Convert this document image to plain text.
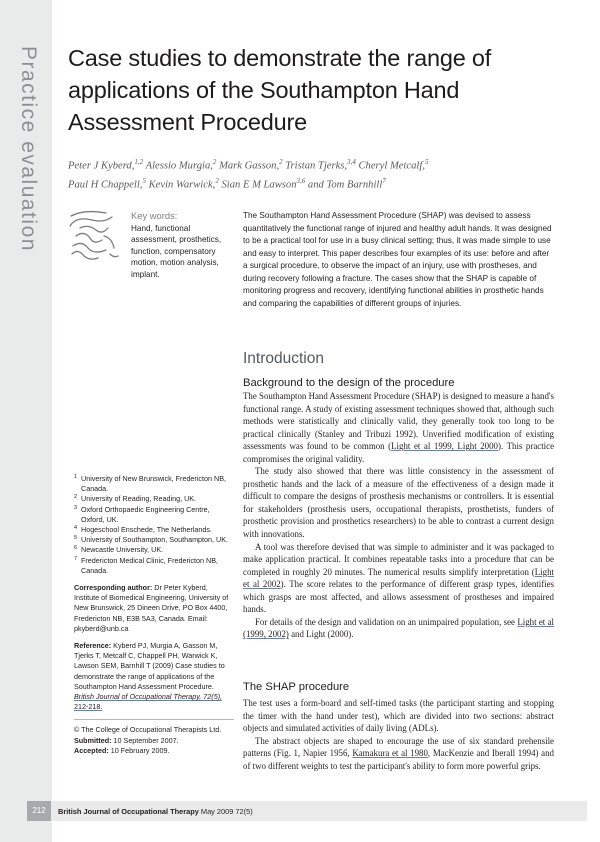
Practice evaluation Case studies to demonstrate the range of applications of the Southampton Hand Assessment Procedure

Peter J Kyberd,$^{1,2}$ Alessio Murgia,$^2$ Mark Gasson,$^2$ Tristan Tjerks,$^{3,4}$ Cheryl Metcalf,$^5$
Paul H Chappell,$^5$ Kevin Warwick,$^2$ Sian E M Lawson$^{3,6}$ and Tom Barnhill$^7$

Key words:

Hand, functional assessment, prosthetics, function, compensatory motion, motion analysis, implant.

The Southampton Hand Assessment Procedure (SHAP) was devised to assess quantitatively the functional range of injured and healthy adult hands. It was designed to be a practical tool for use in a busy clinical setting; thus, it was made simple to use and easy to interpret. This paper describes four examples of its use: before and after a surgical procedure, to observe the impact of an injury, use with prostheses, and during recovery following a fracture. The cases show that the SHAP is capable of monitoring progress and recovery, identifying functional abilities in prosthetic hands and comparing the capabilities of different groups of injuries.

Introduction
Background to the design of the procedure

The Southampton Hand Assessment Procedure (SHAP) is designed to measure a hand's functional range. A study of existing assessment techniques showed that, although such methods were statistically and clinically valid, they generally took too long to be practical clinically (Stanley and Tribuzi 1992). Unverified modification of existing assessments was found to be common (Light et al 1999, Light 2000). This practice compromises the original validity.

The study also showed that there was little consistency in the assessment of prosthetic hands and the lack of a measure of the effectiveness of a design made it difficult to compare the designs of prosthesis mechanisms or controllers. It is essential for stakeholders (prosthesis users, occupational therapists, prosthetists, funders of prosthetic provision and prosthetics researchers) to be able to contrast a current design with innovations.

A tool was therefore devised that was simple to administer and it was packaged to make application practical. It combines repeatable tasks into a procedure that can be completed in roughly 20 minutes. The numerical results simplify interpretation (Light et al 2002). The score relates to the performance of different grasp types, identifies which grasps are most affected, and allows assessment of prostheses and impaired hands.

For details of the design and validation on an unimpaired population, see Light et al (1999, 2002) and Light (2000).

The SHAP procedure

The test uses a form-board and self-timed tasks (the participant starting and stopping the timer with the hand under test), which are divided into two sections: abstract objects and simulated activities of daily living (ADLs).

The abstract objects are shaped to encourage the use of six standard prehensile patterns (Fig. 1, Napier 1956, Kamakura et al 1980, MacKenzie and Iberall 1994) and of two different weights to test the participant's ability to form more powerful grips.

1 University of New Brunswick, Fredericton NB, Canada.

2 University of Reading, Reading, UK.

3 Oxford Orthopaedic Engineering Centre, Oxford, UK.

4 Hogeschool Enschede, The Netherlands.

5 University of Southampton, Southampton, UK.

6 Newcastle University, UK.

7 Fredericton Medical Clinic, Fredericton NB, Canada.

Corresponding author: Dr Peter Kyberd, Institute of Biomedical Engineering, University of New Brunswick, 25 Dineen Drive, PO Box 4400, Fredericton NB, E3B 5A3, Canada. Email: pkyberd@unb.ca

Reference: Kyberd PJ, Murgia A, Gasson M, Tjerks T, Metcalf C, Chappell PH, Warwick K, Lawson SEM, Barnhill T (2009) Case studies to demonstrate the range of applications of the Southampton Hand Assessment Procedure. British Journal of Occupational Therapy, 72(5), 212-218.

© The College of Occupational Therapists Ltd.

Submitted: 10 September 2007.

Accepted: 10 February 2009.

212	British Journal of Occupational Therapy May 2009 72(5)
